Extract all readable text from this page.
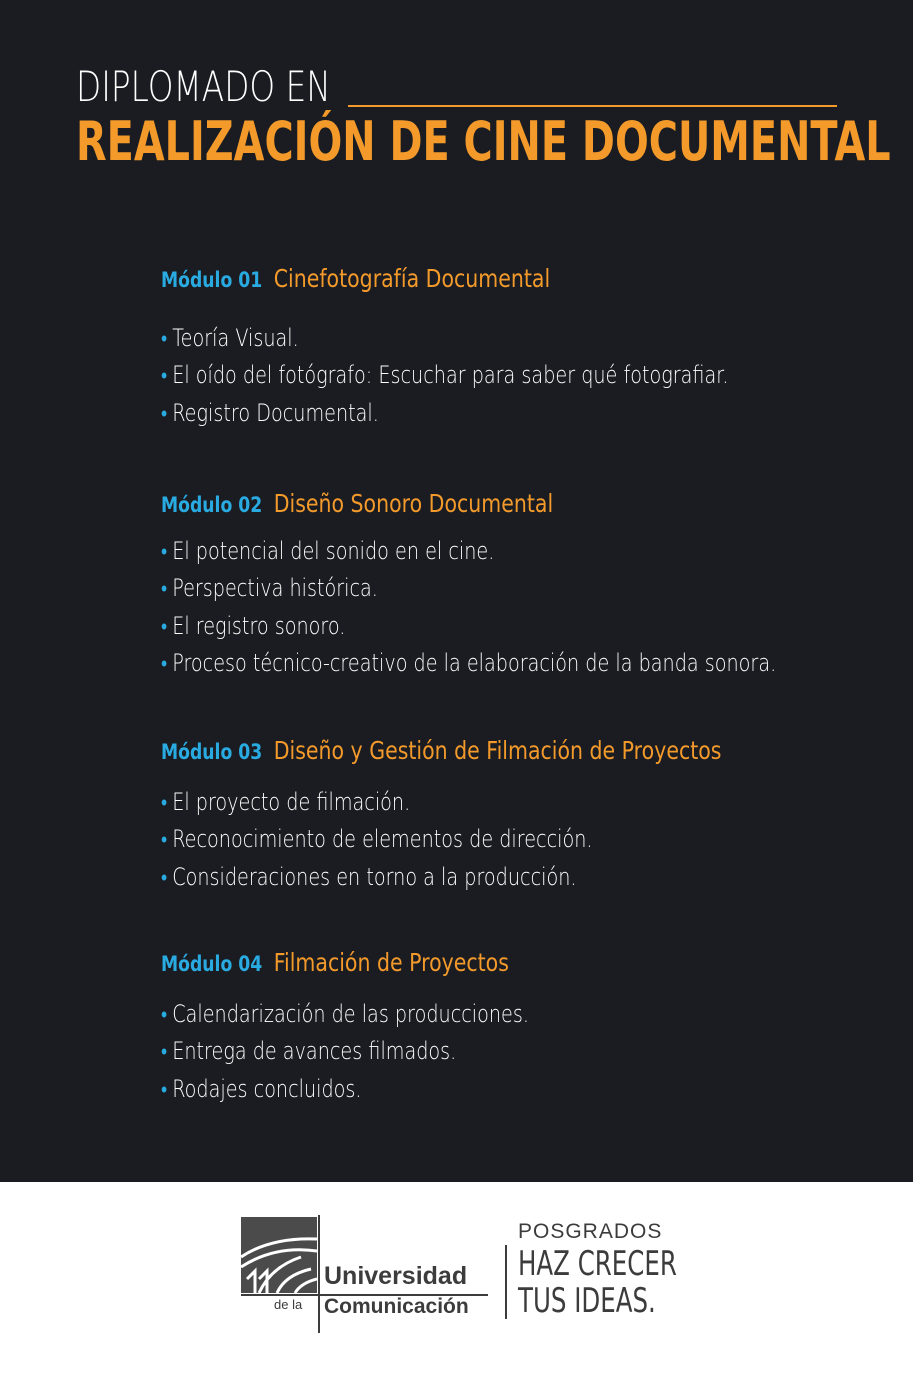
DIPLOMADO EN
REALIZACIÓN DE CINE DOCUMENTAL
Módulo 01 Cinefotografía Documental
• Teoría Visual.
• El oído del fotógrafo: Escuchar para saber qué fotografiar.
• Registro Documental.
Módulo 02 Diseño Sonoro Documental
• El potencial del sonido en el cine.
• Perspectiva histórica.
• El registro sonoro.
• Proceso técnico-creativo de la elaboración de la banda sonora.
Módulo 03 Diseño y Gestión de Filmación de Proyectos
• El proyecto de filmación.
• Reconocimiento de elementos de dirección.
• Consideraciones en torno a la producción.
Módulo 04 Filmación de Proyectos
• Calendarización de las producciones.
• Entrega de avances filmados.
• Rodajes concluidos.
Universidad
de la Comunicación
POSGRADOS
HAZ CRECER
TUS IDEAS.
